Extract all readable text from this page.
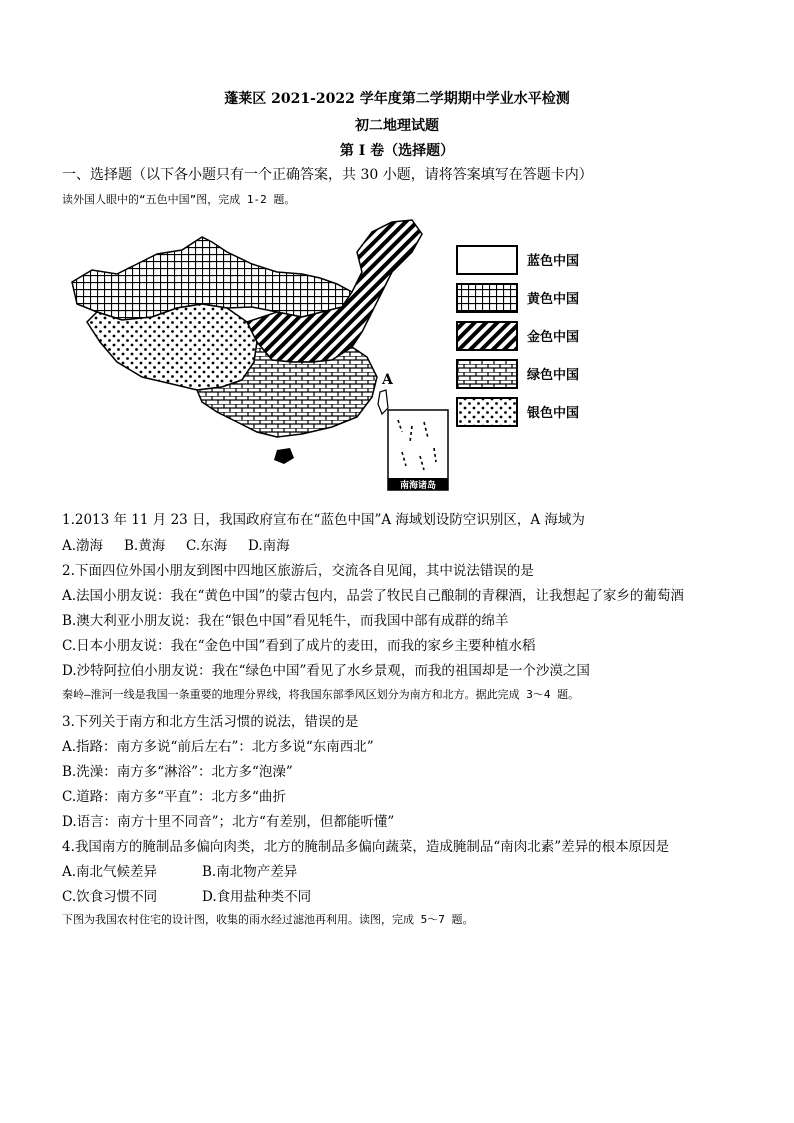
蓬莱区 2021-2022 学年度第二学期期中学业水平检测
初二地理试题
第 I 卷（选择题）
一、选择题（以下各小题只有一个正确答案，共 30 小题，请将答案填写在答题卡内）
读外国人眼中的“五色中国”图，完成 1-2 题。
A
南海诸岛
蓝色中国
黄色中国
金色中国
绿色中国
银色中国
1.2013 年 11 月 23 日，我国政府宣布在“蓝色中国”A 海域划设防空识别区，A 海域为
A.渤海 B.黄海 C.东海 D.南海
2.下面四位外国小朋友到图中四地区旅游后，交流各自见闻，其中说法错误的是
A.法国小朋友说：我在“黄色中国”的蒙古包内，品尝了牧民自己酿制的青稞酒，让我想起了家乡的葡萄酒
B.澳大利亚小朋友说：我在“银色中国”看见牦牛，而我国中部有成群的绵羊
C.日本小朋友说：我在“金色中国”看到了成片的麦田，而我的家乡主要种植水稻
D.沙特阿拉伯小朋友说：我在“绿色中国”看见了水乡景观，而我的祖国却是一个沙漠之国
秦岭—淮河一线是我国一条重要的地理分界线，将我国东部季风区划分为南方和北方。据此完成 3～4 题。
3.下列关于南方和北方生活习惯的说法，错误的是
A.指路：南方多说“前后左右”：北方多说“东南西北”
B.洗澡：南方多“淋浴”：北方多“泡澡”
C.道路：南方多“平直”：北方多“曲折
D.语言：南方十里不同音”；北方“有差别，但都能听懂”
4.我国南方的腌制品多偏向肉类，北方的腌制品多偏向蔬菜，造成腌制品“南肉北素”差异的根本原因是
A.南北气候差异	B.南北物产差异
C.饮食习惯不同	D.食用盐种类不同
下图为我国农村住宅的设计图，收集的雨水经过滤池再利用。读图，完成 5～7 题。
